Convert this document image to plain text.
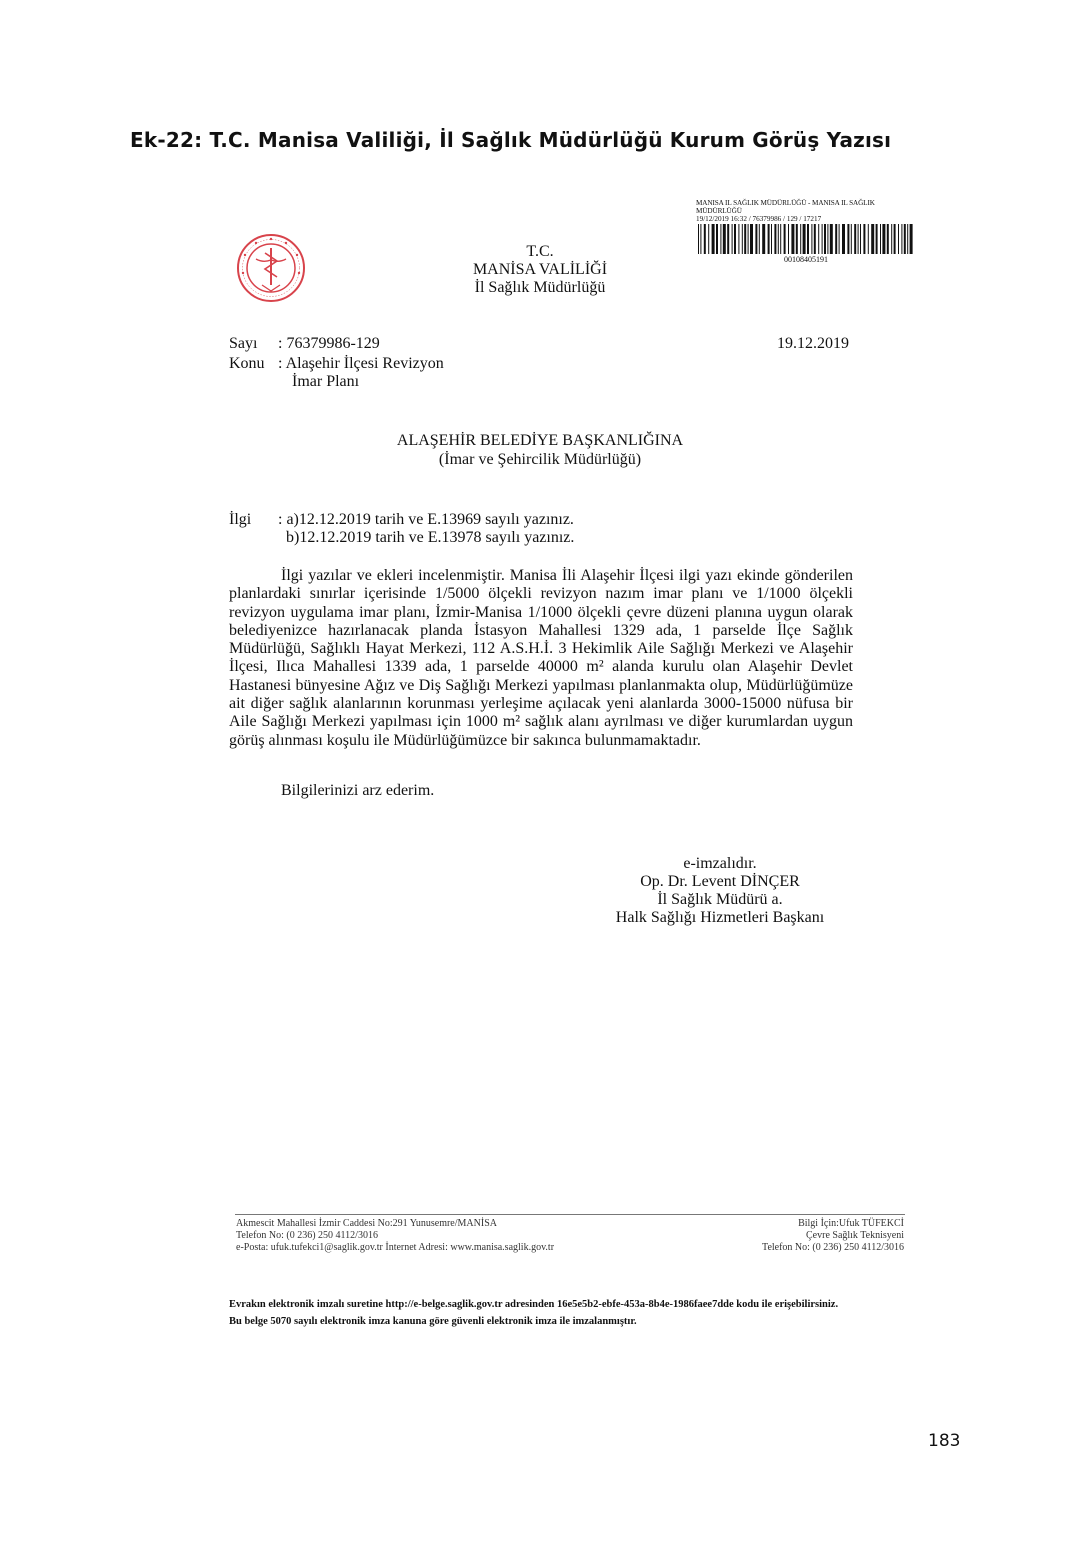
Ek-22: T.C. Manisa Valiliği, İl Sağlık Müdürlüğü Kurum Görüş Yazısı
MANISA IL SAĞLIK MÜDÜRLÜĞÜ - MANISA IL SAĞLIK
MÜDÜRLÜĞÜ
19/12/2019 16:32 / 76379986 / 129 / 17217
00108405191
T.C.
MANİSA VALİLİĞİ
İl Sağlık Müdürlüğü
Sayı : 76379986-129
Konu : Alaşehir İlçesi Revizyon
İmar Planı
19.12.2019
ALAŞEHİR BELEDİYE BAŞKANLIĞINA
(İmar ve Şehircilik Müdürlüğü)
İlgi : a)12.12.2019 tarih ve E.13969 sayılı yazınız.
b)12.12.2019 tarih ve E.13978 sayılı yazınız.

İlgi yazılar ve ekleri incelenmiştir. Manisa İli Alaşehir İlçesi ilgi yazı ekinde gönderilen planlardaki sınırlar içerisinde 1/5000 ölçekli revizyon nazım imar planı ve 1/1000 ölçekli revizyon uygulama imar planı, İzmir-Manisa 1/1000 ölçekli çevre düzeni planına uygun olarak belediyenizce hazırlanacak planda İstasyon Mahallesi 1329 ada, 1 parselde İlçe Sağlık Müdürlüğü, Sağlıklı Hayat Merkezi, 112 A.S.H.İ. 3 Hekimlik Aile Sağlığı Merkezi ve Alaşehir İlçesi, Ilıca Mahallesi 1339 ada, 1 parselde 40000 m² alanda kurulu olan Alaşehir Devlet Hastanesi bünyesine Ağız ve Diş Sağlığı Merkezi yapılması planlanmakta olup, Müdürlüğümüze ait diğer sağlık alanlarının korunması yerleşime açılacak yeni alanlarda 3000-15000 nüfusa bir Aile Sağlığı Merkezi yapılması için 1000 m² sağlık alanı ayrılması ve diğer kurumlardan uygun görüş alınması koşulu ile Müdürlüğümüzce bir sakınca bulunmamaktadır.

Bilgilerinizi arz ederim.
e-imzalıdır.
Op. Dr. Levent DİNÇER
İl Sağlık Müdürü a.
Halk Sağlığı Hizmetleri Başkanı
Akmescit Mahallesi İzmir Caddesi No:291 Yunusemre/MANİSA
Telefon No: (0 236) 250 4112/3016
e-Posta: ufuk.tufekci1@saglik.gov.tr İnternet Adresi: www.manisa.saglik.gov.tr
Bilgi İçin:Ufuk TÜFEKCİ
Çevre Sağlık Teknisyeni
Telefon No: (0 236) 250 4112/3016
Evrakın elektronik imzalı suretine http://e-belge.saglik.gov.tr adresinden 16e5e5b2-ebfe-453a-8b4e-1986faee7dde kodu ile erişebilirsiniz.
Bu belge 5070 sayılı elektronik imza kanuna göre güvenli elektronik imza ile imzalanmıştır.
183
